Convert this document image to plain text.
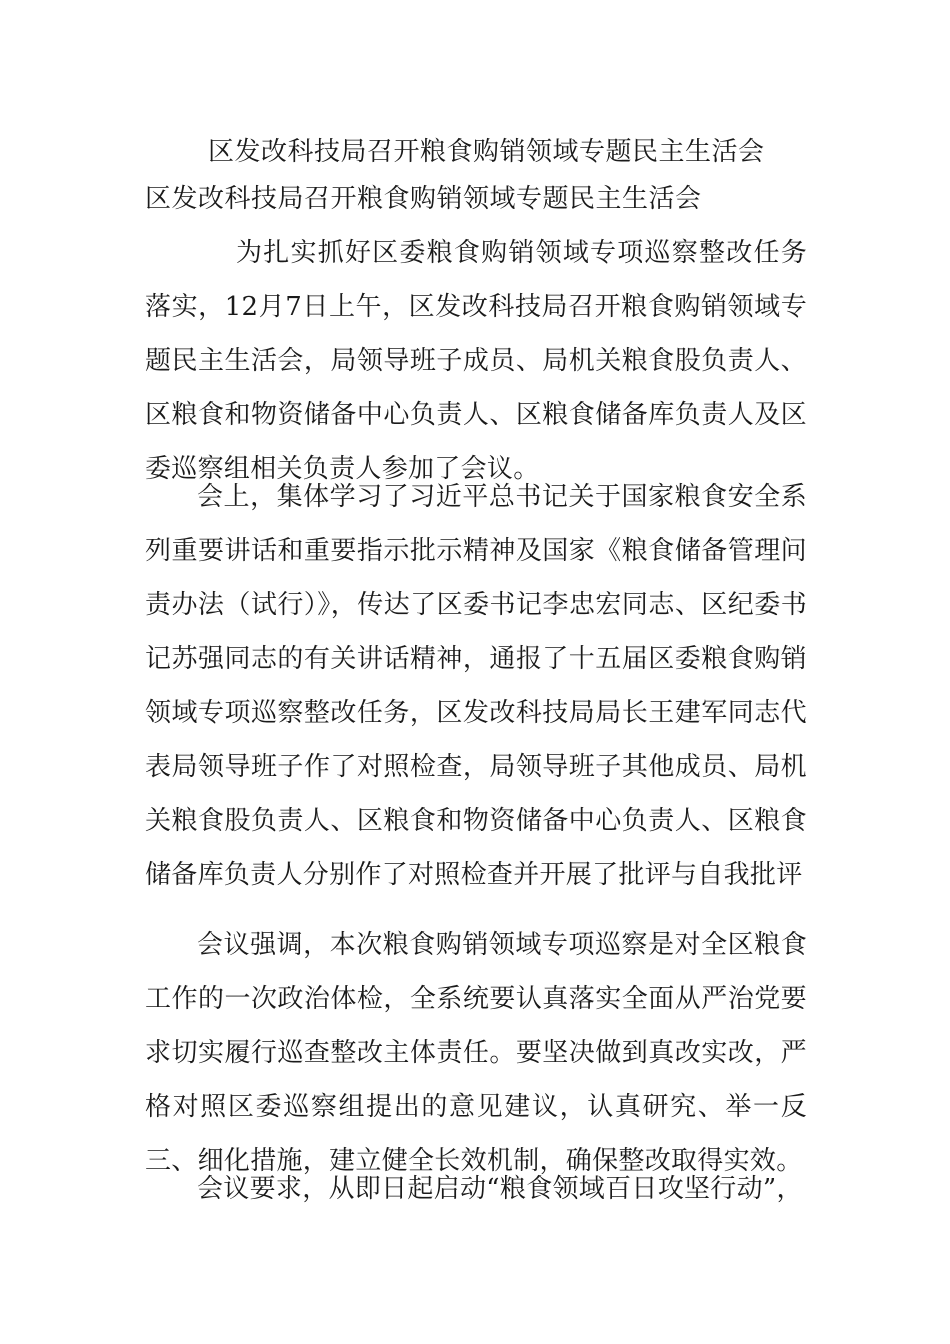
区发改科技局召开粮食购销领域专题民主生活会
区发改科技局召开粮食购销领域专题民主生活会

为扎实抓好区委粮食购销领域专项巡察整改任务落实，12月7日上午，区发改科技局召开粮食购销领域专题民主生活会，局领导班子成员、局机关粮食股负责人、区粮食和物资储备中心负责人、区粮食储备库负责人及区委巡察组相关负责人参加了会议。

会上，集体学习了习近平总书记关于国家粮食安全系列重要讲话和重要指示批示精神及国家《粮食储备管理问责办法（试行）》，传达了区委书记李忠宏同志、区纪委书记苏强同志的有关讲话精神，通报了十五届区委粮食购销领域专项巡察整改任务，区发改科技局局长王建军同志代表局领导班子作了对照检查，局领导班子其他成员、局机关粮食股负责人、区粮食和物资储备中心负责人、区粮食储备库负责人分别作了对照检查并开展了批评与自我批评

会议强调，本次粮食购销领域专项巡察是对全区粮食工作的一次政治体检，全系统要认真落实全面从严治党要求切实履行巡查整改主体责任。要坚决做到真改实改，严格对照区委巡察组提出的意见建议，认真研究、举一反三、细化措施，建立健全长效机制，确保整改取得实效。

会议要求，从即日起启动“粮食领域百日攻坚行动”，
